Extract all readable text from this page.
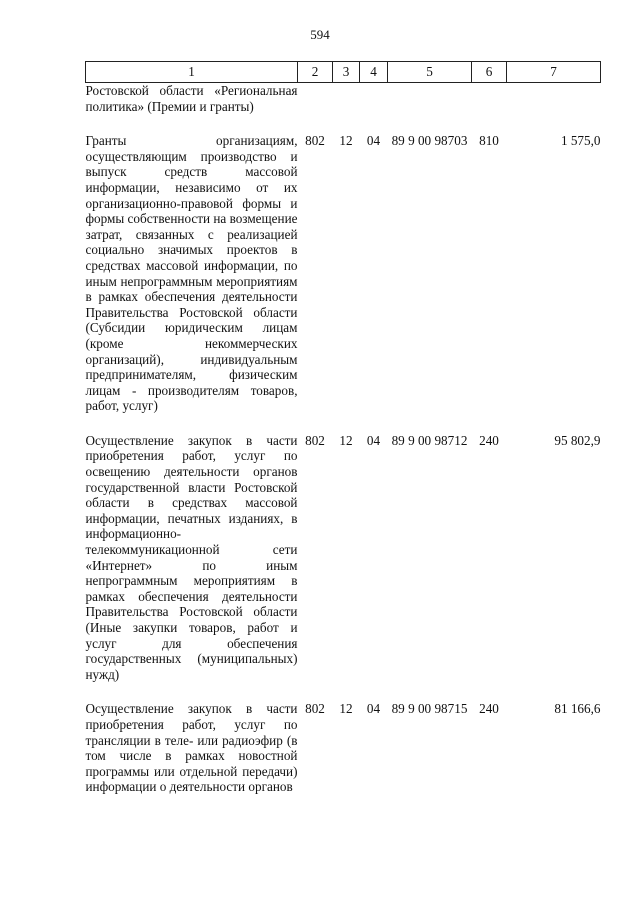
594
1	2	3	4	5	6	7
Ростовской области «Региональная политика» (Премии и гранты)						
Гранты организациям, осуществляющим производство и выпуск средств массовой информации, независимо от их организационно-правовой формы и формы собственности на возмещение затрат, связанных с реализацией социально значимых проектов в средствах массовой информации, по иным непрограммным мероприятиям в рамках обеспечения деятельности Правительства Ростовской области (Субсидии юридическим лицам (кроме некоммерческих организаций), индивидуальным предпринимателям, физическим лицам - производителям товаров, работ, услуг)	802	12	04	89 9 00 98703	810	1 575,0
Осуществление закупок в части приобретения работ, услуг по освещению деятельности органов государственной власти Ростовской области в средствах массовой информации, печатных изданиях, в информационно-телекоммуникационной сети «Интернет» по иным непрограммным мероприятиям в рамках обеспечения деятельности Правительства Ростовской области (Иные закупки товаров, работ и услуг для обеспечения государственных (муниципальных) нужд)	802	12	04	89 9 00 98712	240	95 802,9
Осуществление закупок в части приобретения работ, услуг по трансляции в теле- или радиоэфир (в том числе в рамках новостной программы или отдельной передачи) информации о деятельности органов	802	12	04	89 9 00 98715	240	81 166,6
